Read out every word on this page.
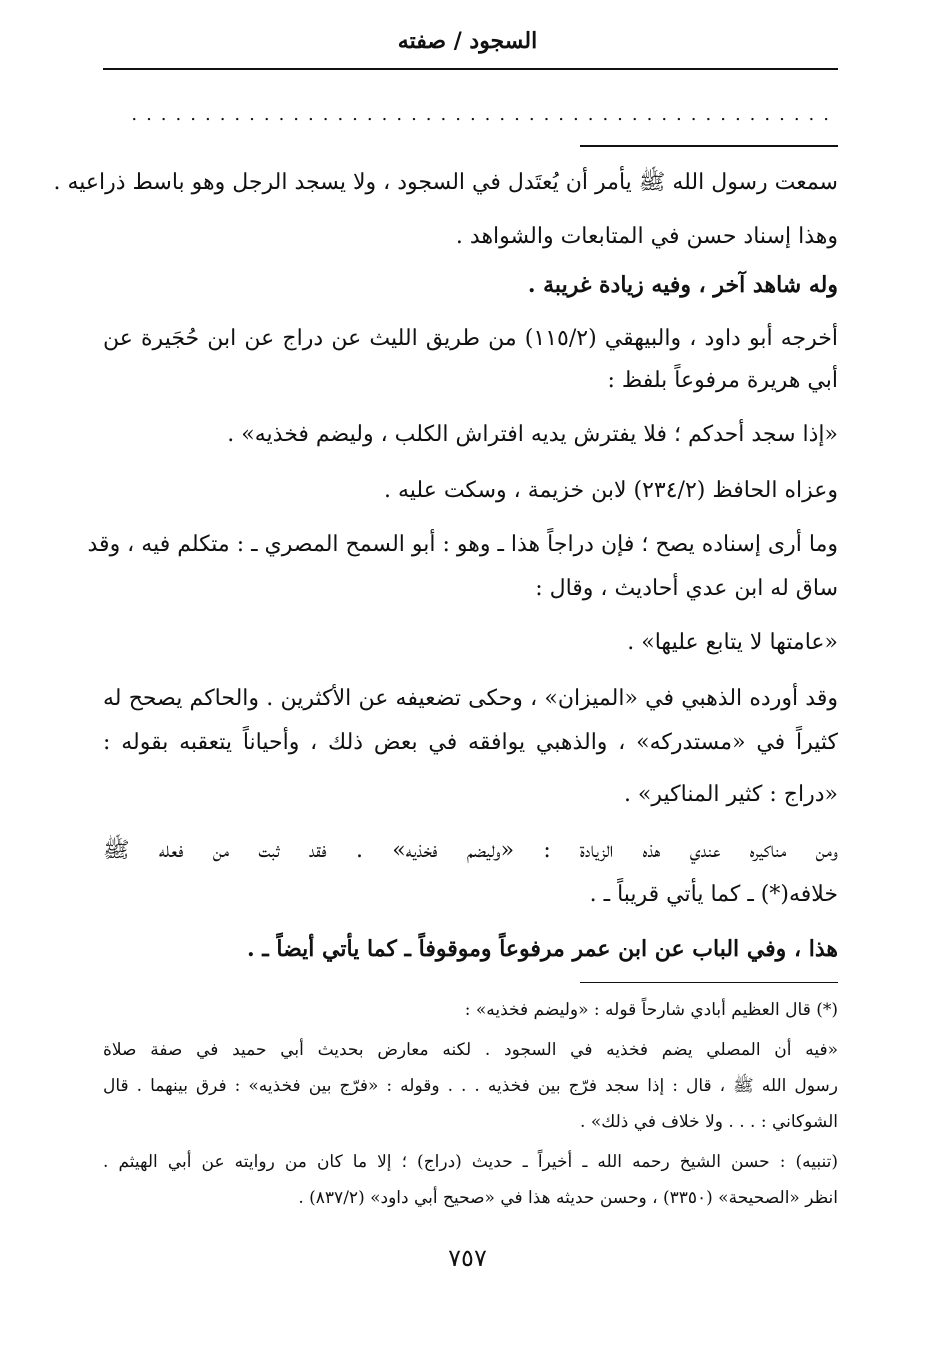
السجود / صفته
................................................
سمعت رسول الله ﷺ يأمر أن يُعتَدل في السجود ، ولا يسجد الرجل وهو باسط ذراعيه .
وهذا إسناد حسن في المتابعات والشواهد .
وله شاهد آخر ، وفيه زيادة غريبة .
أخرجه أبو داود ، والبيهقي (١١٥/٢) من طريق الليث عن دراج عن ابن حُجَيرة عن
أبي هريرة مرفوعاً بلفظ :
«إذا سجد أحدكم ؛ فلا يفترش يديه افتراش الكلب ، وليضم فخذيه» .
وعزاه الحافظ (٢٣٤/٢) لابن خزيمة ، وسكت عليه .
وما أرى إسناده يصح ؛ فإن دراجاً هذا ـ وهو : أبو السمح المصري ـ : متكلم فيه ، وقد
ساق له ابن عدي أحاديث ، وقال :
«عامتها لا يتابع عليها» .
وقد أورده الذهبي في «الميزان» ، وحكى تضعيفه عن الأكثرين . والحاكم يصحح له
كثيراً في «مستدركه» ، والذهبي يوافقه في بعض ذلك ، وأحياناً يتعقبه بقوله :
«دراج : كثير المناكير» .
ومن مناكيره عندي هذه الزيادة : «وليضم فخذيه» . فقد ثبت من فعله ﷺ
خلافه(*) ـ كما يأتي قريباً ـ .
هذا ، وفي الباب عن ابن عمر مرفوعاً وموقوفاً ـ كما يأتي أيضاً ـ .
(*) قال العظيم أبادي شارحاً قوله : «وليضم فخذيه» :
«فيه أن المصلي يضم فخذيه في السجود . لكنه معارض بحديث أبي حميد في صفة صلاة
رسول الله ﷺ ، قال : إذا سجد فرّج بين فخذيه . . . وقوله : «فرّج بين فخذيه» : فرق بينهما . قال
الشوكاني : . . . ولا خلاف في ذلك» .
(تنبيه) : حسن الشيخ رحمه الله ـ أخيراً ـ حديث (دراج) ؛ إلا ما كان من روايته عن أبي الهيثم .
انظر «الصحيحة» (٣٣٥٠) ، وحسن حديثه هذا في «صحيح أبي داود» (٨٣٧/٢) .
٧٥٧
